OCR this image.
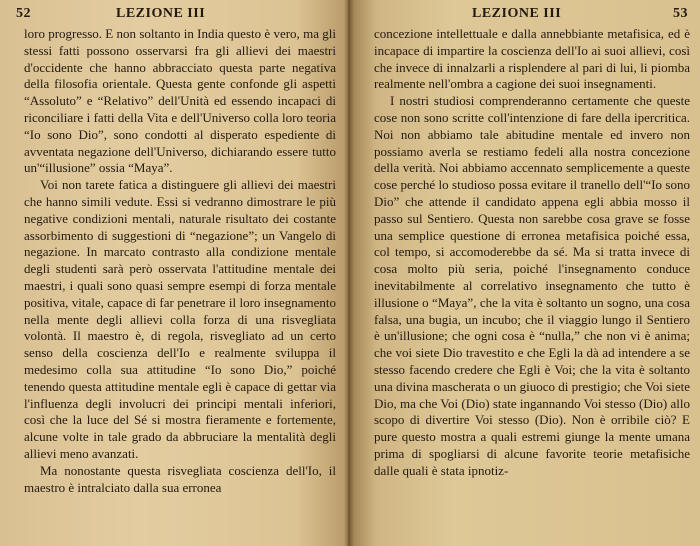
52	LEZIONE III

loro progresso. E non soltanto in India questo è vero, ma gli stessi fatti possono osservarsi fra gli allievi dei maestri d'occidente che hanno abbracciato questa parte negativa della filosofia orientale. Questa gente confonde gli aspetti “Assoluto” e “Relativo” dell'Unità ed essendo incapaci di riconciliare i fatti della Vita e dell'Universo colla loro teoria “Io sono Dio”, sono condotti al disperato espediente di avventata negazione dell'Universo, dichiarando essere tutto un'“illusione” ossia “Maya”.

Voi non tarete fatica a distinguere gli allievi dei maestri che hanno simili vedute. Essi si vedranno dimostrare le più negative condizioni mentali, naturale risultato dei costante assorbimento di suggestioni di “negazione”; un Vangelo di negazione. In marcato contrasto alla condizione mentale degli studenti sarà però osservata l'attitudine mentale dei maestri, i quali sono quasi sempre esempi di forza mentale positiva, vitale, capace di far penetrare il loro insegnamento nella mente degli allievi colla forza di una risvegliata volontà. Il maestro è, di regola, risvegliato ad un certo senso della coscienza dell'Io e realmente sviluppa il medesimo colla sua attitudine “Io sono Dio,” poiché tenendo questa attitudine mentale egli è capace di gettar via l'influenza degli involucri dei principi mentali inferiori, così che la luce del Sé si mostra fieramente e fortemente, alcune volte in tale grado da abbruciare la mentalità degli allievi meno avanzati.

Ma nonostante questa risvegliata coscienza dell'Io, il maestro è intralciato dalla sua erronea

LEZIONE III	53

concezione intellettuale e dalla annebbiante metafisica, ed è incapace di impartire la coscienza dell'Io ai suoi allievi, così che invece di innalzarli a risplendere al pari di lui, li piomba realmente nell'ombra a cagione dei suoi insegnamenti.

I nostri studiosi comprenderanno certamente che queste cose non sono scritte coll'intenzione di fare della ipercritica. Noi non abbiamo tale abitudine mentale ed invero non possiamo averla se restiamo fedeli alla nostra concezione della verità. Noi abbiamo accennato semplicemente a queste cose perché lo studioso possa evitare il tranello dell'“Io sono Dio” che attende il candidato appena egli abbia mosso il passo sul Sentiero. Questa non sarebbe cosa grave se fosse una semplice questione di erronea metafisica poiché essa, col tempo, si accomoderebbe da sé. Ma si tratta invece di cosa molto più seria, poiché l'insegnamento conduce inevitabilmente al correlativo insegnamento che tutto è illusione o “Maya”, che la vita è soltanto un sogno, una cosa falsa, una bugia, un incubo; che il viaggio lungo il Sentiero è un'illusione; che ogni cosa è “nulla,” che non vi è anima; che voi siete Dio travestito e che Egli la dà ad intendere a se stesso facendo credere che Egli è Voi; che la vita è soltanto una divina mascherata o un giuoco di prestigio; che Voi siete Dio, ma che Voi (Dio) state ingannando Voi stesso (Dio) allo scopo di divertire Voi stesso (Dio). Non è orribile ciò? E pure questo mostra a quali estremi giunge la mente umana prima di spogliarsi di alcune favorite teorie metafisiche dalle quali è stata ipnotiz-
